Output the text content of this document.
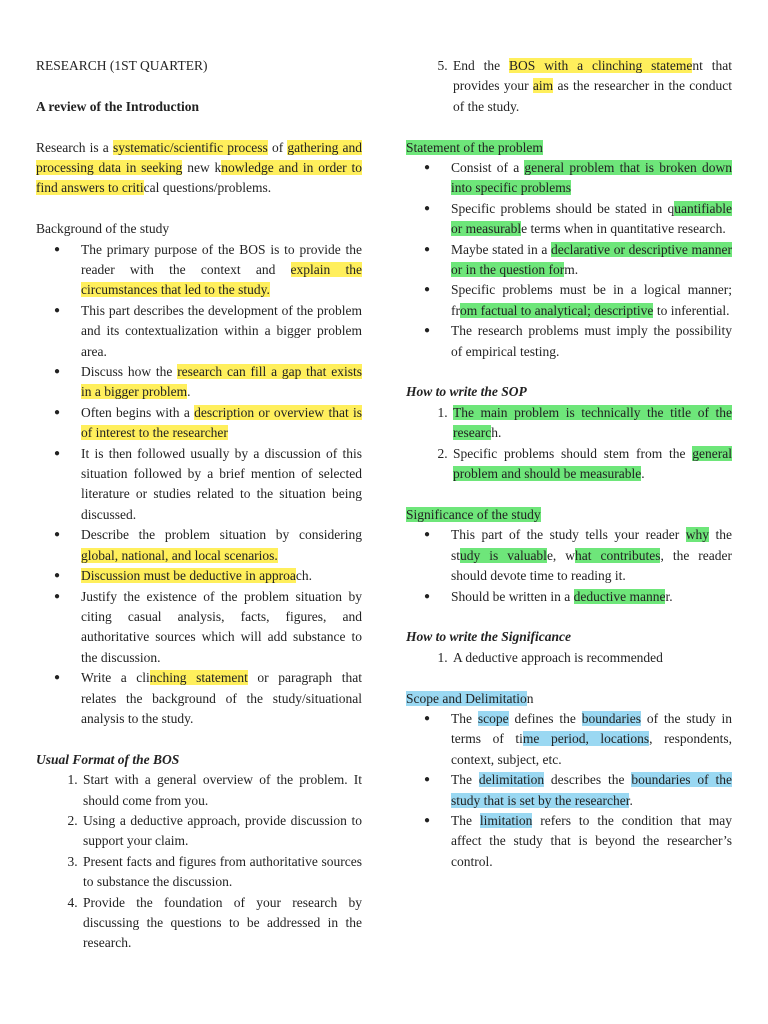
RESEARCH (1ST QUARTER)

A review of the Introduction

Research is a systematic/scientific process of gathering and processing data in seeking new knowledge and in order to find answers to critical questions/problems.

Background of the study

● The primary purpose of the BOS is to provide the reader with the context and explain the circumstances that led to the study.
● This part describes the development of the problem and its contextualization within a bigger problem area.
● Discuss how the research can fill a gap that exists in a bigger problem.
● Often begins with a description or overview that is of interest to the researcher
● It is then followed usually by a discussion of this situation followed by a brief mention of selected literature or studies related to the situation being discussed.
● Describe the problem situation by considering global, national, and local scenarios.
● Discussion must be deductive in approach.
● Justify the existence of the problem situation by citing casual analysis, facts, figures, and authoritative sources which will add substance to the discussion.
● Write a clinching statement or paragraph that relates the background of the study/situational analysis to the study.

Usual Format of the BOS

1. Start with a general overview of the problem. It should come from you.
2. Using a deductive approach, provide discussion to support your claim.
3. Present facts and figures from authoritative sources to substance the discussion.
4. Provide the foundation of your research by discussing the questions to be addressed in the research.
5. End the BOS with a clinching statement that provides your aim as the researcher in the conduct of the study.

Statement of the problem

● Consist of a general problem that is broken down into specific problems
● Specific problems should be stated in quantifiable or measurable terms when in quantitative research.
● Maybe stated in a declarative or descriptive manner or in the question form.
● Specific problems must be in a logical manner; from factual to analytical; descriptive to inferential.
● The research problems must imply the possibility of empirical testing.

How to write the SOP

1. The main problem is technically the title of the research.
2. Specific problems should stem from the general problem and should be measurable.

Significance of the study

● This part of the study tells your reader why the study is valuable, what contributes, the reader should devote time to reading it.
● Should be written in a deductive manner.

How to write the Significance

1. A deductive approach is recommended

Scope and Delimitation

● The scope defines the boundaries of the study in terms of time period, locations, respondents, context, subject, etc.
● The delimitation describes the boundaries of the study that is set by the researcher.
● The limitation refers to the condition that may affect the study that is beyond the researcher’s control.
